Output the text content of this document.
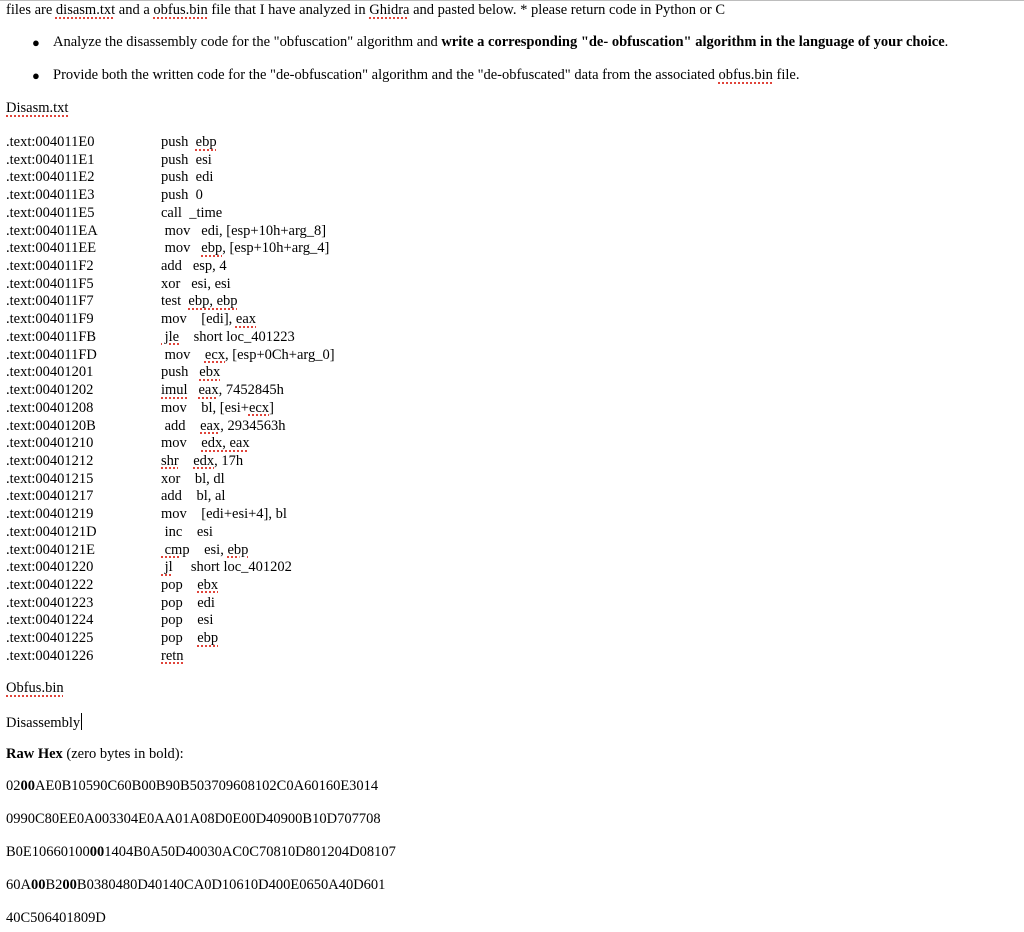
files are disasm.txt and a obfus.bin file that I have analyzed in Ghidra and pasted below. * please return code in Python or C
● Analyze the disassembly code for the "obfuscation" algorithm and write a corresponding "de- obfuscation" algorithm in the language of your choice.
● Provide both the written code for the "de-obfuscation" algorithm and the "de-obfuscated" data from the associated obfus.bin file.
Disasm.txt
.text:004011E0	push ebp
.text:004011E1	push esi
.text:004011E2	push edi
.text:004011E3	push 0
.text:004011E5	call _time
.text:004011EA	mov   edi, [esp+10h+arg_8]
.text:004011EE	mov ebp, [esp+10h+arg_4]
.text:004011F2	add   esp, 4
.text:004011F5	xor   esi, esi
.text:004011F7	test ebp, ebp
.text:004011F9	mov    [edi], eax
.text:004011FB	jle    short loc_401223
.text:004011FD	mov ecx, [esp+0Ch+arg_0]
.text:00401201	push ebx
.text:00401202	imul eax, 7452845h
.text:00401208	mov    bl, [esi+ecx]
.text:0040120B	add eax, 2934563h
.text:00401210	mov edx, eax
.text:00401212	shr edx, 17h
.text:00401215	xor    bl, dl
.text:00401217	add    bl, al
.text:00401219	mov    [edi+esi+4], bl
.text:0040121D	inc    esi
.text:0040121E	cmp    esi, ebp
.text:00401220	jl     short loc_401202
.text:00401222	pop ebx
.text:00401223	pop    edi
.text:00401224	pop    esi
.text:00401225	pop ebp
.text:00401226	retn
Obfus.bin
Disassembly
Raw Hex (zero bytes in bold):
0200AE0B10590C60B00B90B503709608102C0A60160E3014
0990C80EE0A003304E0AA01A08D0E00D40900B10D707708
B0E10660100001404B0A50D40030AC0C70810D801204D08107
60A00B200B0380480D40140CA0D10610D400E0650A40D601
40C506401809D
